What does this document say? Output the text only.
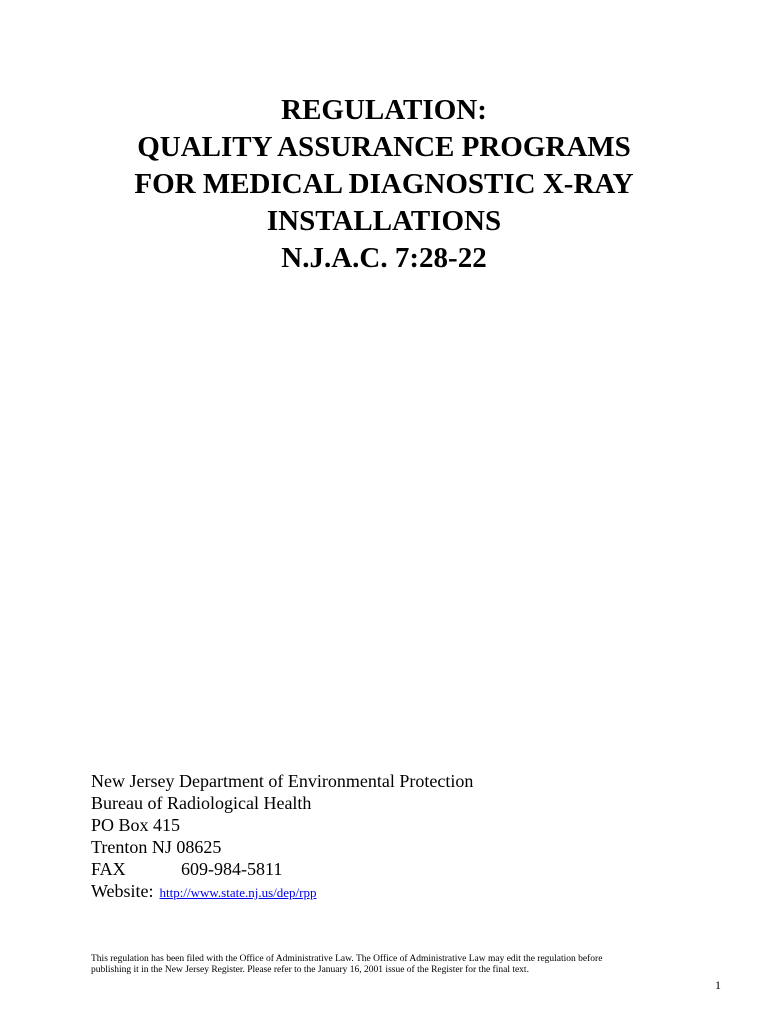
REGULATION:
QUALITY ASSURANCE PROGRAMS
FOR MEDICAL DIAGNOSTIC X-RAY
INSTALLATIONS
N.J.A.C. 7:28-22
New Jersey Department of Environmental Protection
Bureau of Radiological Health
PO Box 415
Trenton NJ 08625
FAX	609-984-5811
Website: http://www.state.nj.us/dep/rpp
This regulation has been filed with the Office of Administrative Law. The Office of Administrative Law may edit the regulation before
publishing it in the New Jersey Register. Please refer to the January 16, 2001 issue of the Register for the final text.
1
